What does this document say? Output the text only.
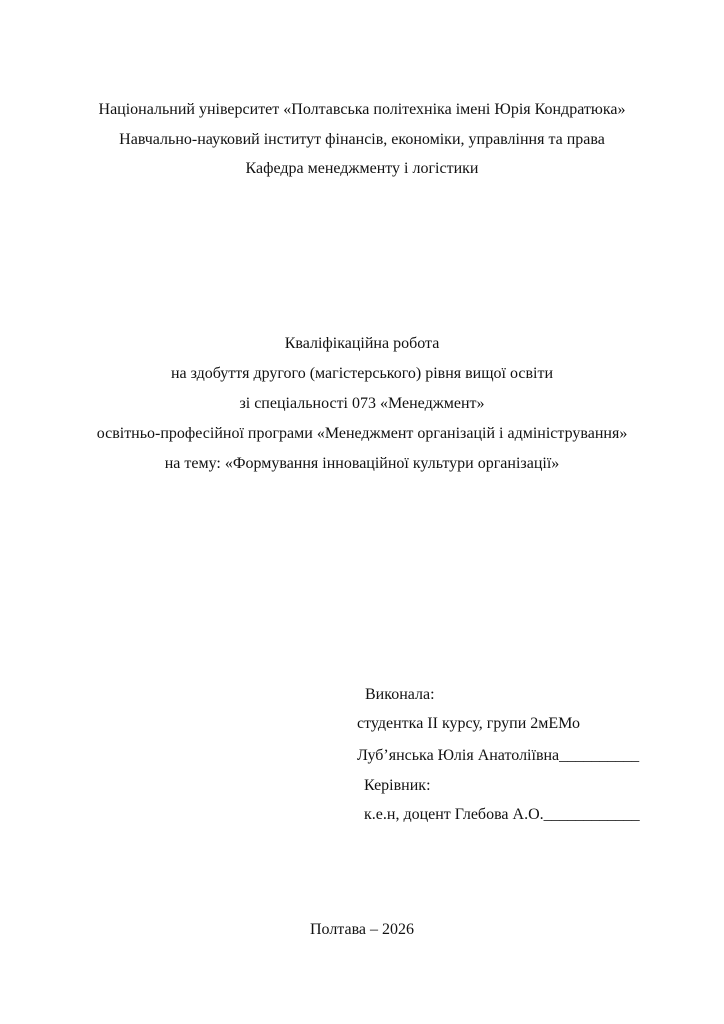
Національний університет «Полтавська політехніка імені Юрія Кондратюка»
Навчально-науковий інститут фінансів, економіки, управління та права
Кафедра менеджменту і логістики
Кваліфікаційна робота
на здобуття другого (магістерського) рівня вищої освіти
зі спеціальності 073 «Менеджмент»
освітньо-професійної програми «Менеджмент організацій і адміністрування»
на тему: «Формування інноваційної культури організації»
Виконала:
студентка ІІ курсу, групи 2мЕМо
Луб’янська Юлія Анатоліївна__________
Керівник:
к.е.н, доцент Глебова А.О.____________
Полтава – 2026
